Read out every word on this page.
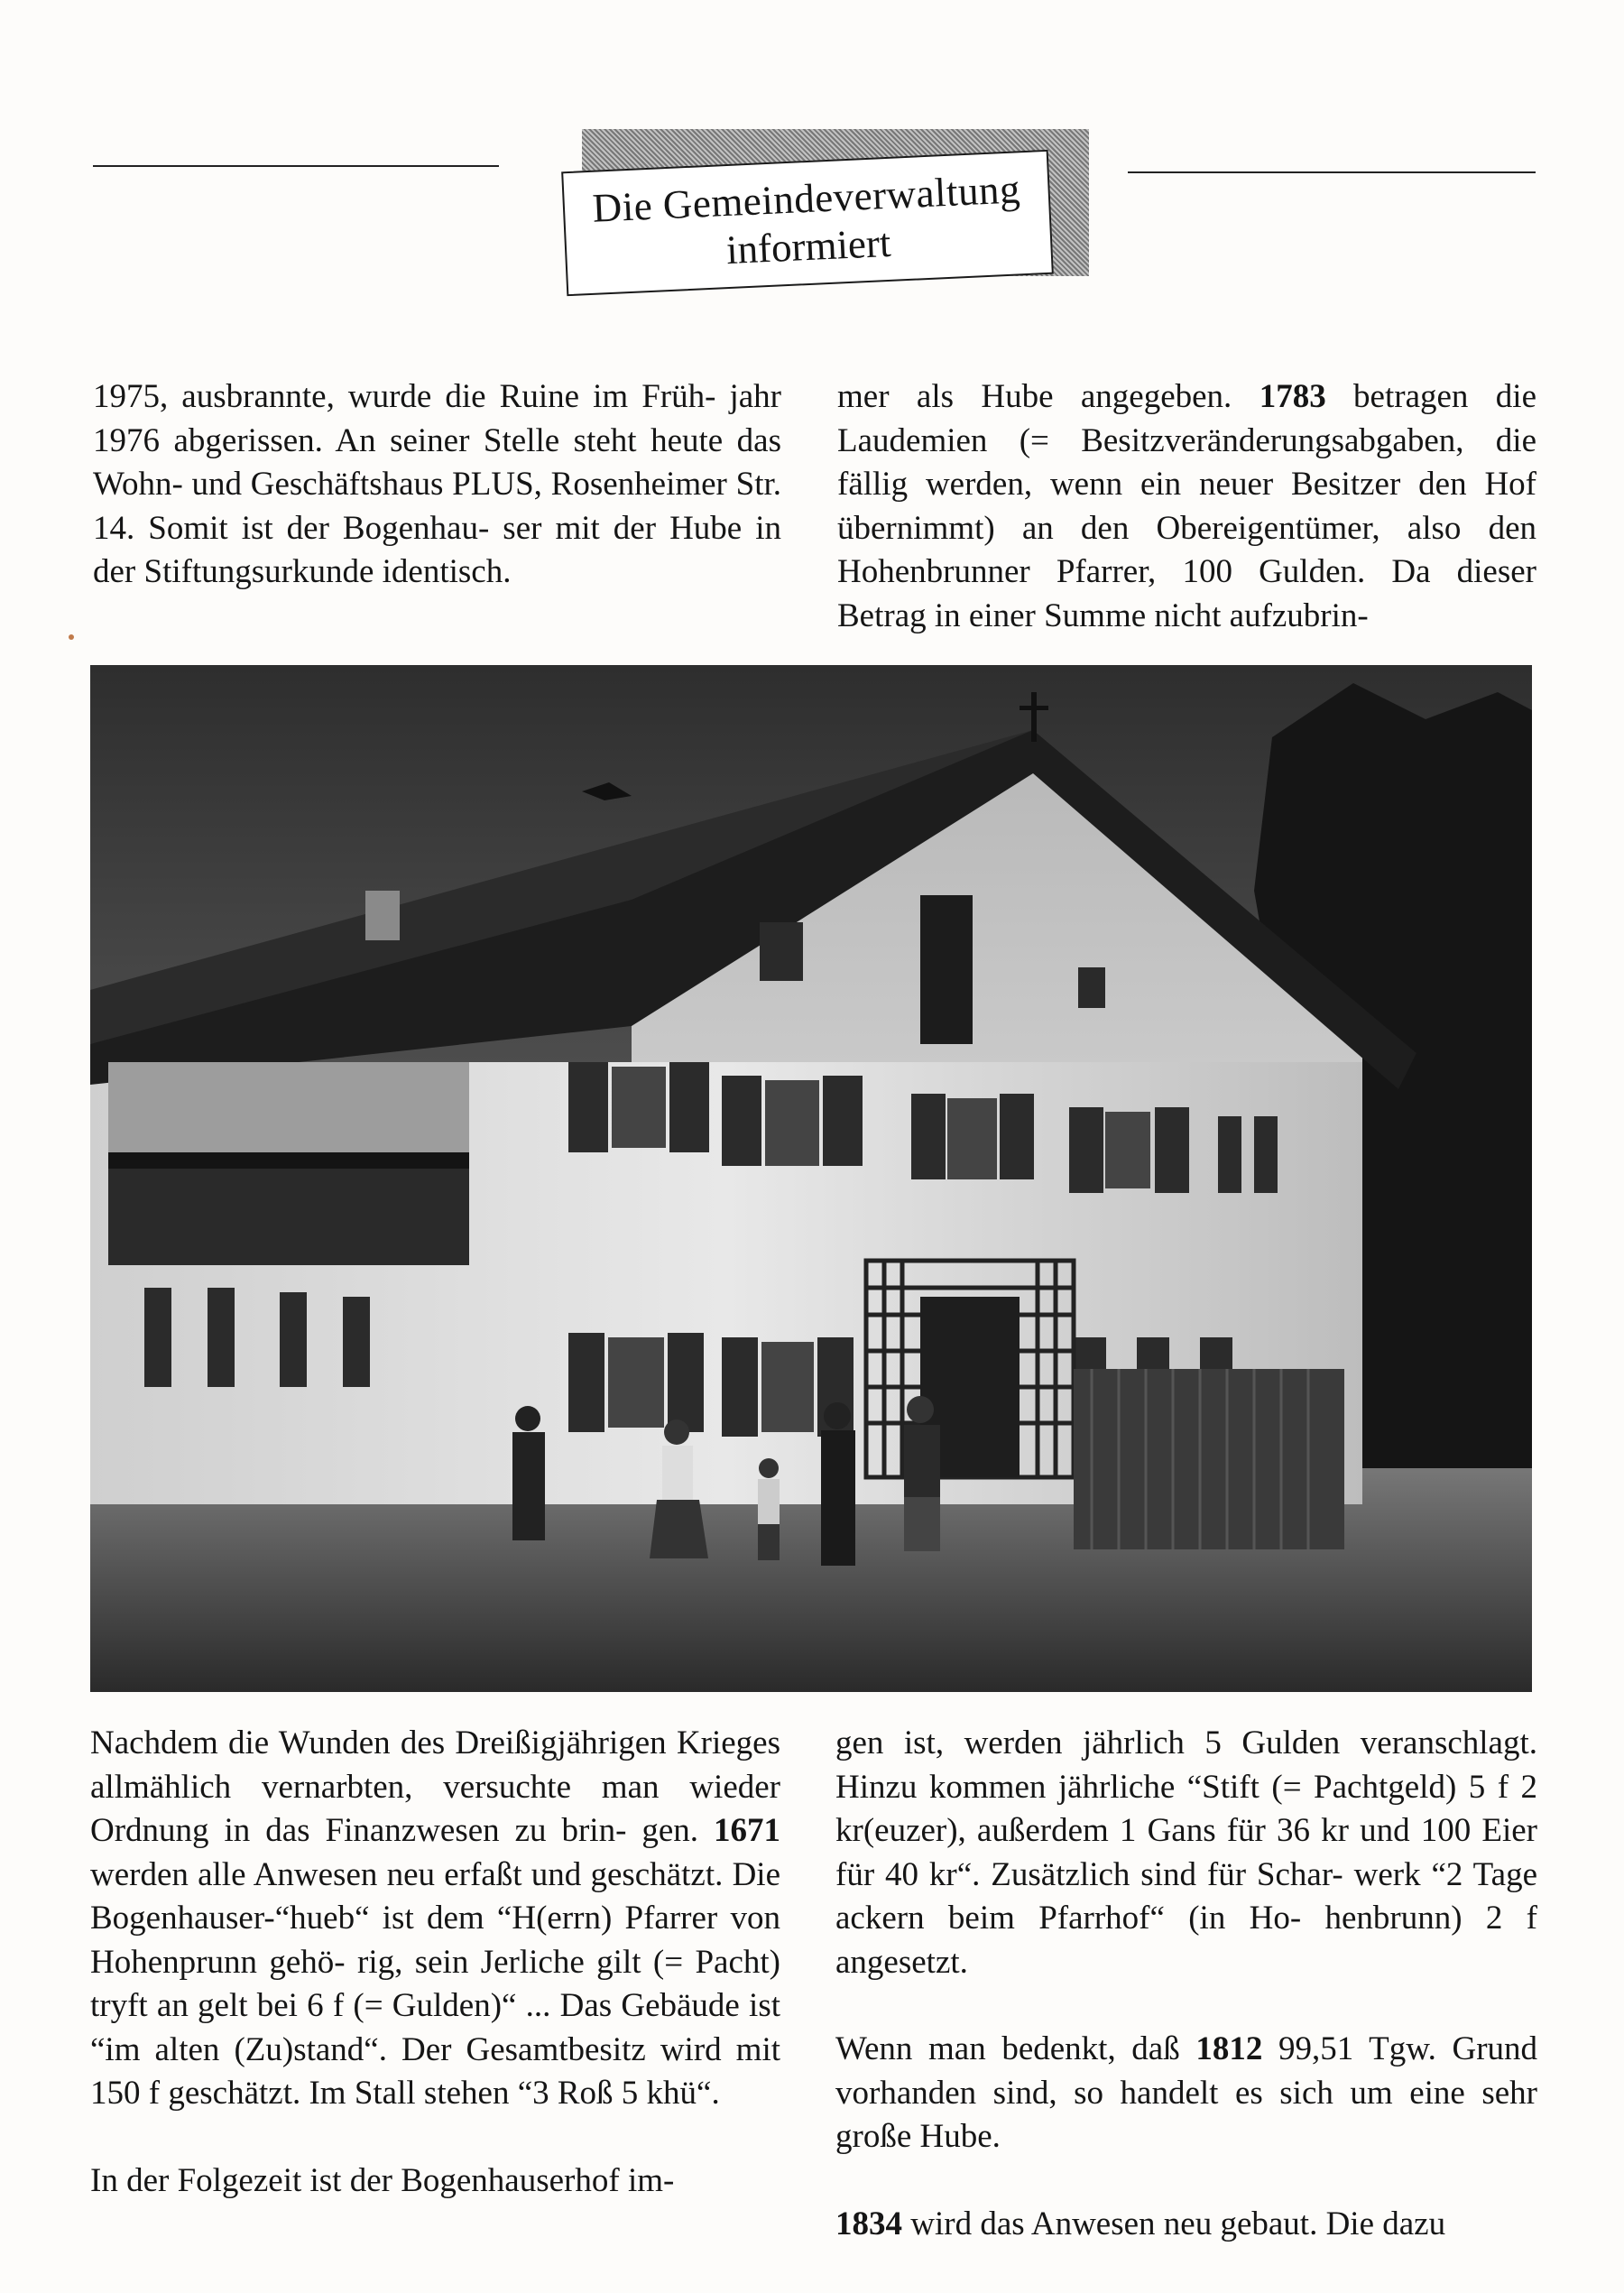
Die Gemeindeverwaltung
informiert

1975, ausbrannte, wurde die Ruine im Früh- jahr 1976 abgerissen. An seiner Stelle steht heute das Wohn- und Geschäftshaus PLUS, Rosenheimer Str. 14. Somit ist der Bogenhau- ser mit der Hube in der Stiftungsurkunde identisch.

mer als Hube angegeben. 1783 betragen die Laudemien (= Besitzveränderungsabgaben, die fällig werden, wenn ein neuer Besitzer den Hof übernimmt) an den Obereigentümer, also den Hohenbrunner Pfarrer, 100 Gulden. Da dieser Betrag in einer Summe nicht aufzubrin-

Nachdem die Wunden des Dreißigjährigen Krieges allmählich vernarbten, versuchte man wieder Ordnung in das Finanzwesen zu brin- gen. 1671 werden alle Anwesen neu erfaßt und geschätzt. Die Bogenhauser-“hueb“ ist dem “H(errn) Pfarrer von Hohenprunn gehö- rig, sein Jerliche gilt (= Pacht) tryft an gelt bei 6 f (= Gulden)“ ... Das Gebäude ist “im alten (Zu)stand“. Der Gesamtbesitz wird mit 150 f geschätzt. Im Stall stehen “3 Roß 5 khü“.

In der Folgezeit ist der Bogenhauserhof im-

gen ist, werden jährlich 5 Gulden veranschlagt. Hinzu kommen jährliche “Stift (= Pachtgeld) 5 f 2 kr(euzer), außerdem 1 Gans für 36 kr und 100 Eier für 40 kr“. Zusätzlich sind für Schar- werk “2 Tage ackern beim Pfarrhof“ (in Ho- henbrunn) 2 f angesetzt.

Wenn man bedenkt, daß 1812 99,51 Tgw. Grund vorhanden sind, so handelt es sich um eine sehr große Hube.

1834 wird das Anwesen neu gebaut. Die dazu
